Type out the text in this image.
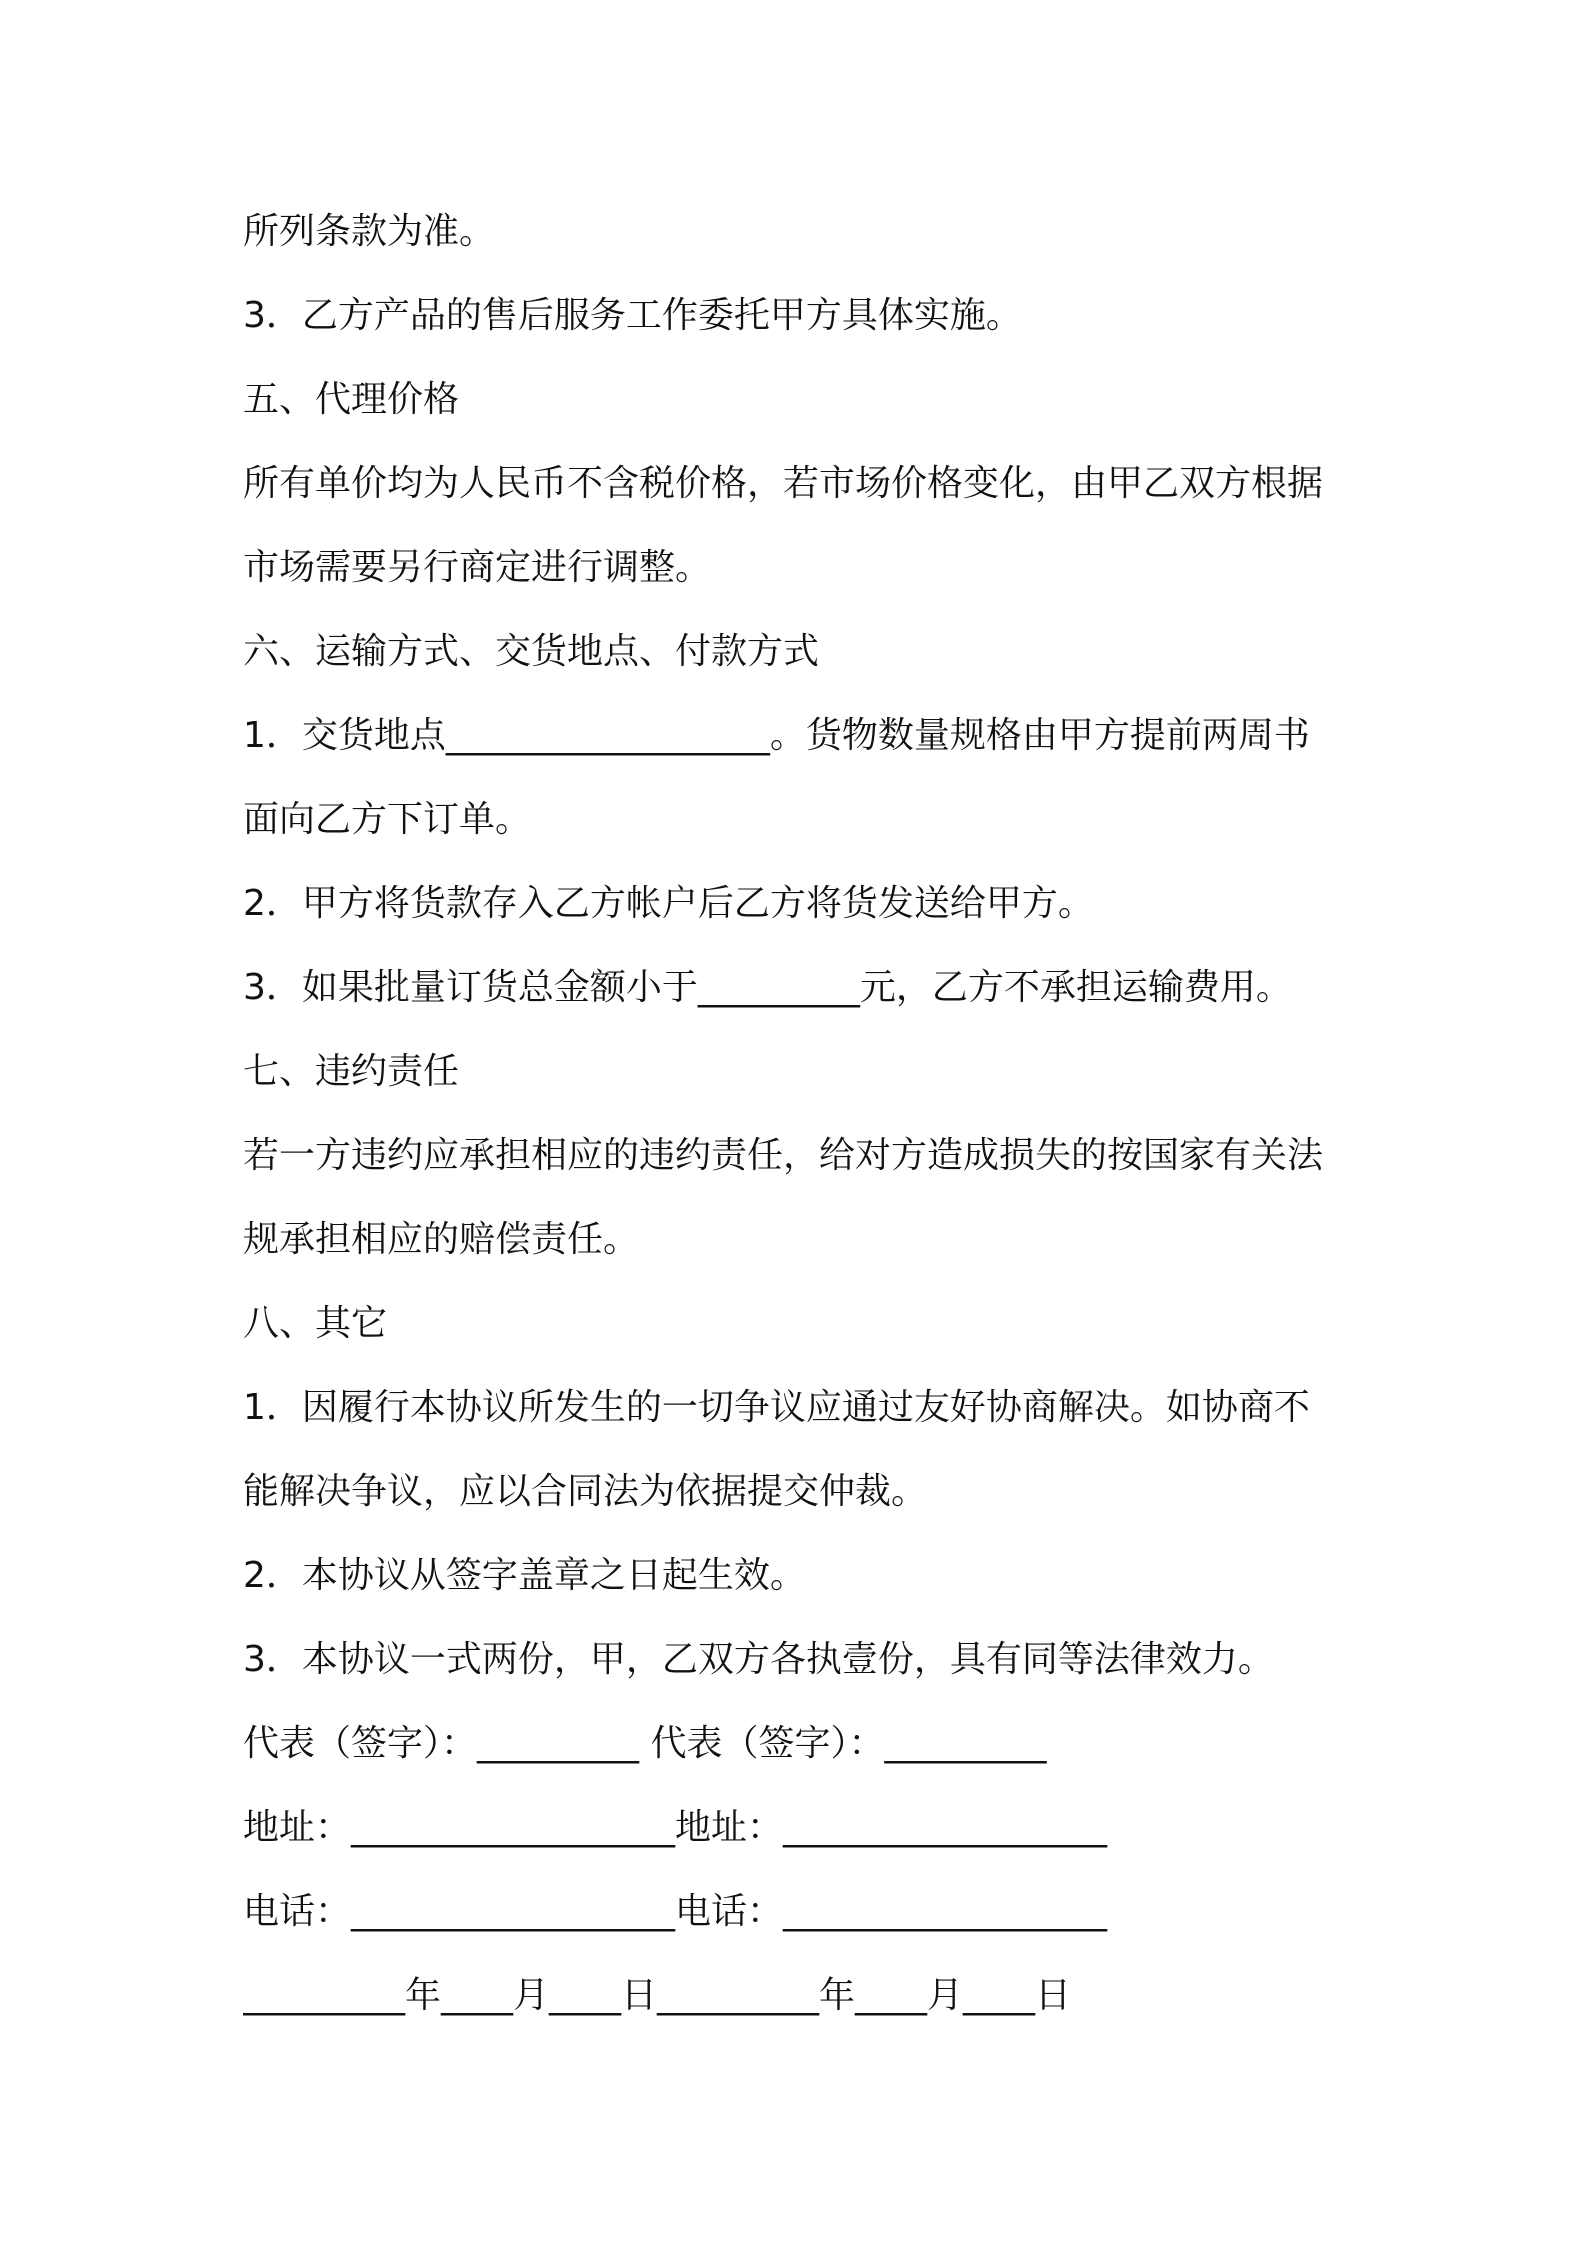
所列条款为准。
3．乙方产品的售后服务工作委托甲方具体实施。
五、代理价格
所有单价均为人民币不含税价格，若市场价格变化，由甲乙双方根据
市场需要另行商定进行调整。
六、运输方式、交货地点、付款方式
1．交货地点__________________。货物数量规格由甲方提前两周书
面向乙方下订单。
2．甲方将货款存入乙方帐户后乙方将货发送给甲方。
3．如果批量订货总金额小于_________元，乙方不承担运输费用。
七、违约责任
若一方违约应承担相应的违约责任，给对方造成损失的按国家有关法
规承担相应的赔偿责任。
八、其它
1．因履行本协议所发生的一切争议应通过友好协商解决。如协商不
能解决争议，应以合同法为依据提交仲裁。
2．本协议从签字盖章之日起生效。
3．本协议一式两份，甲，乙双方各执壹份，具有同等法律效力。
代表（签字）：_________ 代表（签字）：_________
地址：__________________地址：__________________
电话：__________________电话：__________________
_________年____月____日_________年____月____日
